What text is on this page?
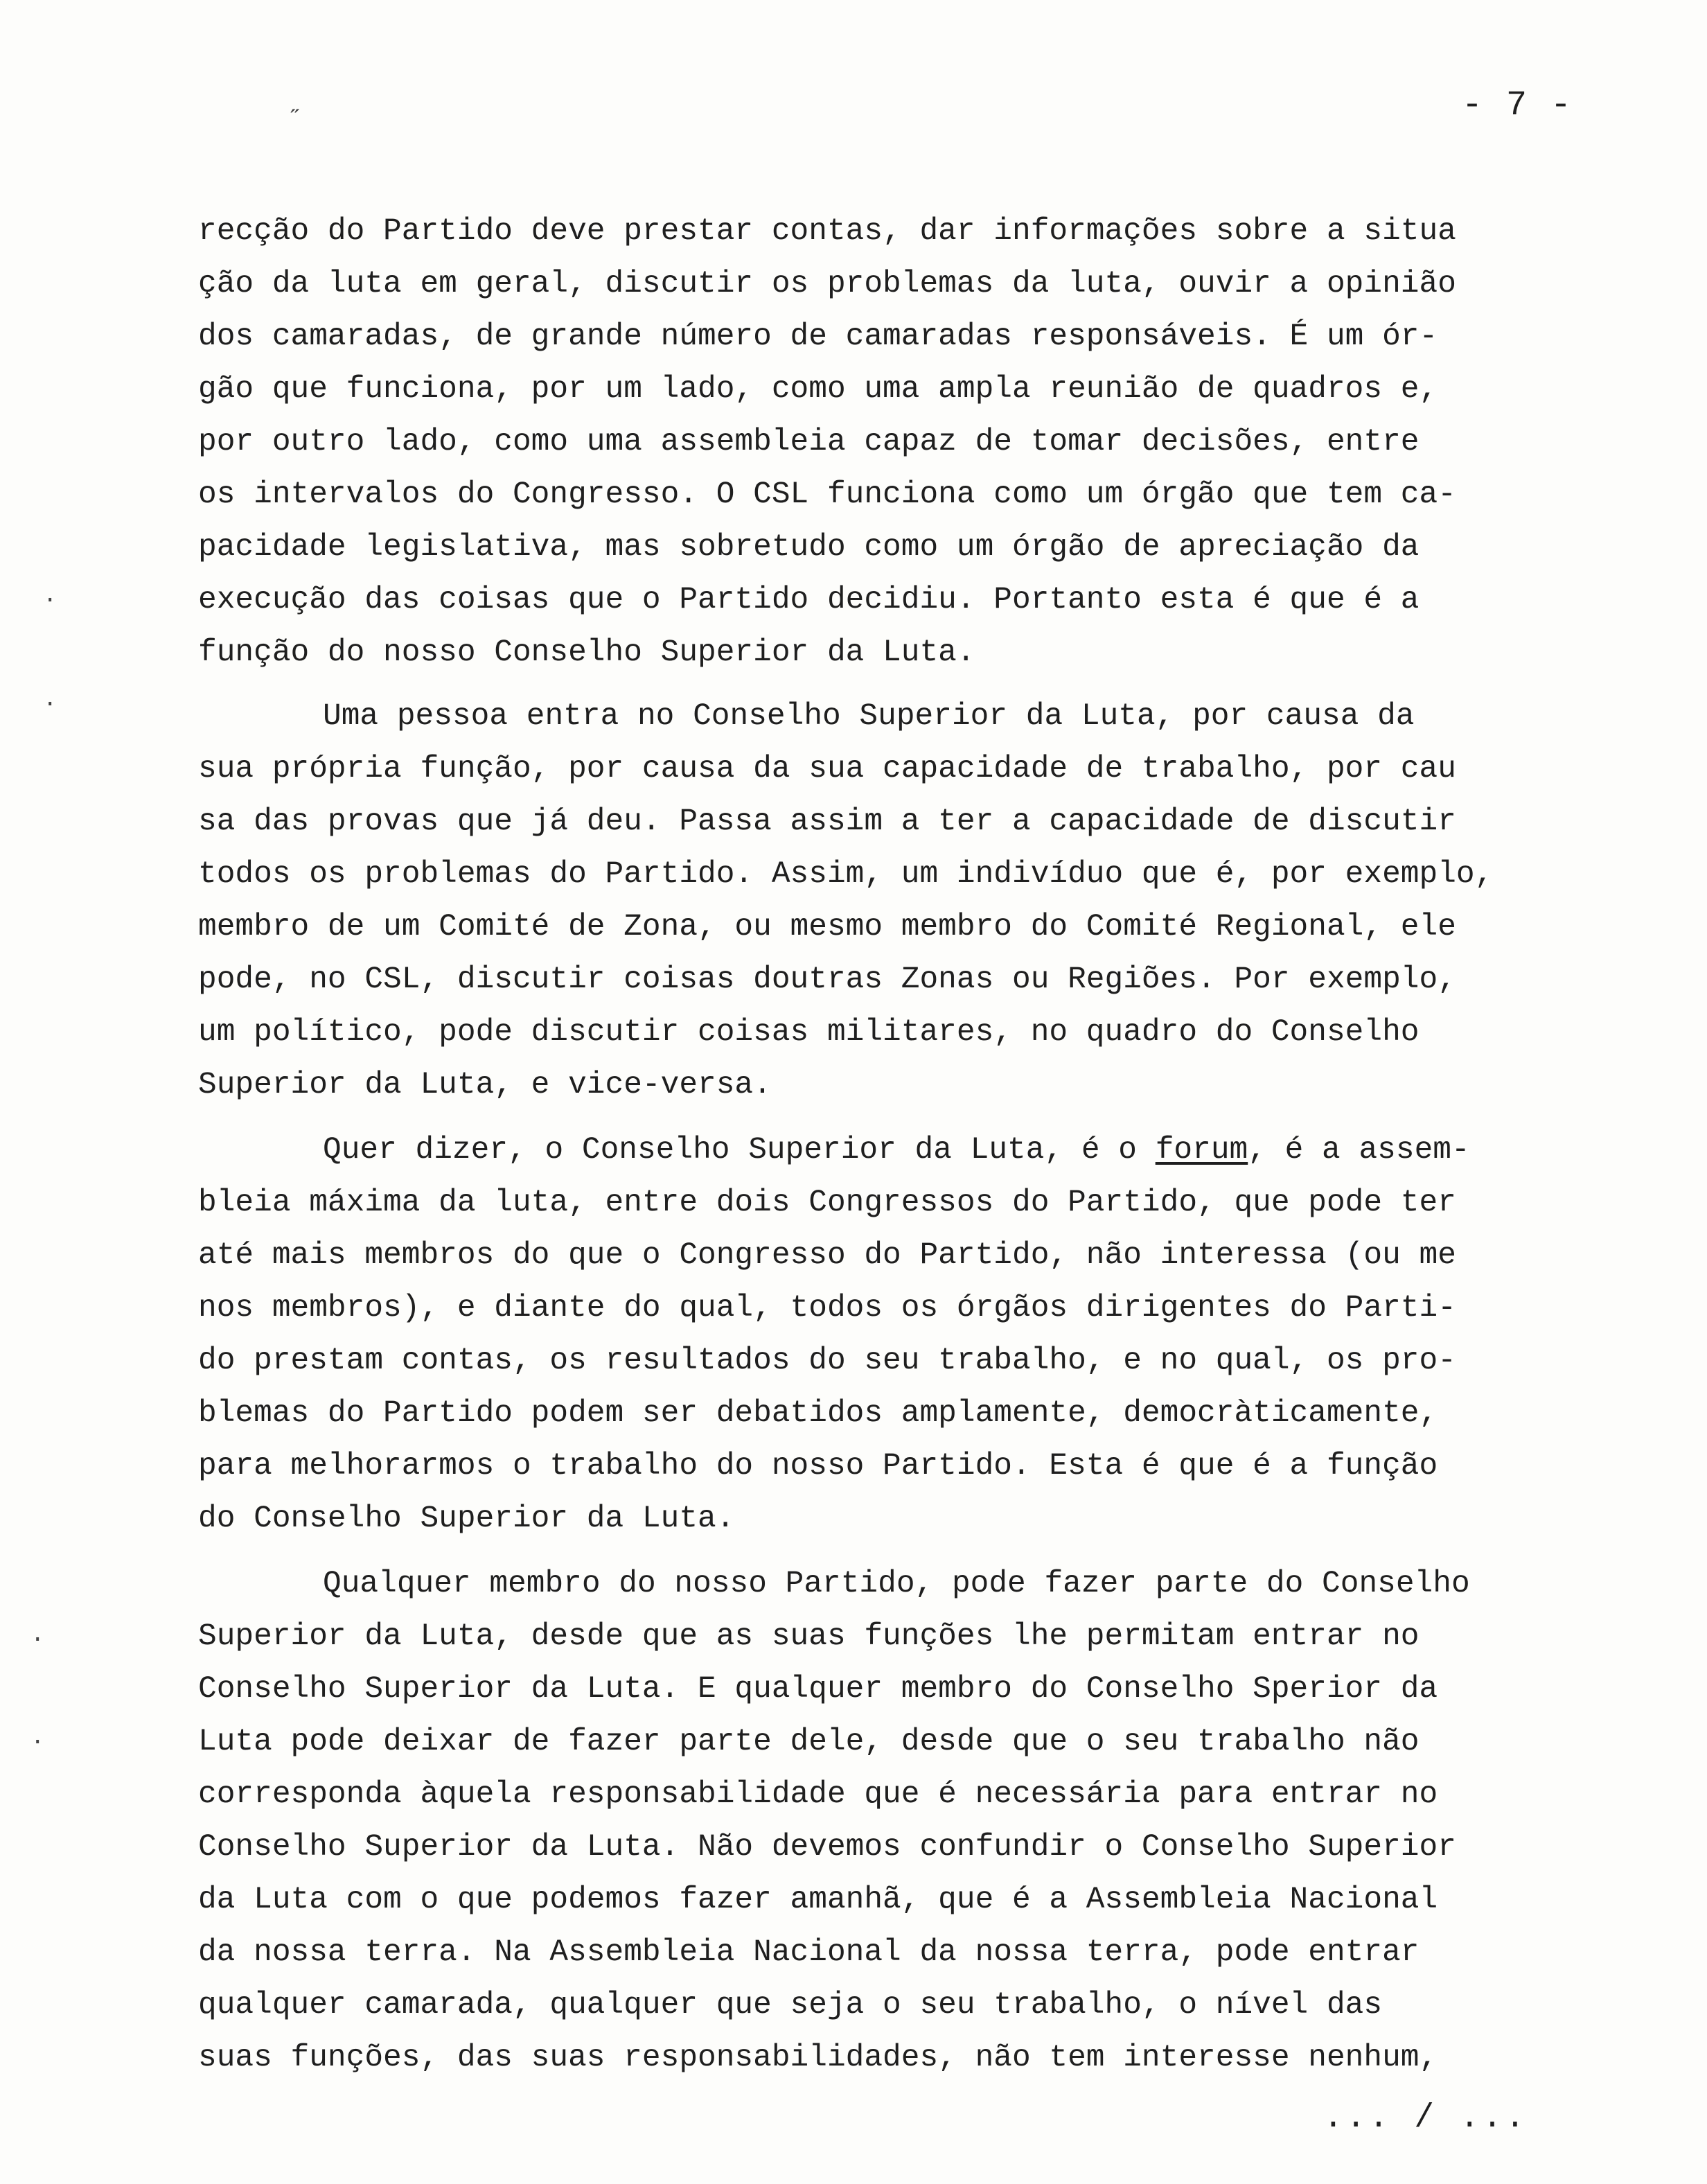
˶
·
·
·
·
- 7 -
recção do Partido deve prestar contas, dar informações sobre a situa
ção da luta em geral, discutir os problemas da luta, ouvir a opinião
dos camaradas, de grande número de camaradas responsáveis. É um ór-
gão que funciona, por um lado, como uma ampla reunião de quadros e,
por outro lado, como uma assembleia capaz de tomar decisões, entre
os intervalos do Congresso. O CSL funciona como um órgão que tem ca-
pacidade legislativa, mas sobretudo como um órgão de apreciação da
execução das coisas que o Partido decidiu. Portanto esta é que é a
função do nosso Conselho Superior da Luta.
Uma pessoa entra no Conselho Superior da Luta, por causa da
sua própria função, por causa da sua capacidade de trabalho, por cau
sa das provas que já deu. Passa assim a ter a capacidade de discutir
todos os problemas do Partido. Assim, um indivíduo que é, por exemplo,
membro de um Comité de Zona, ou mesmo membro do Comité Regional, ele
pode, no CSL, discutir coisas doutras Zonas ou Regiões. Por exemplo,
um político, pode discutir coisas militares, no quadro do Conselho
Superior da Luta, e vice-versa.
Quer dizer, o Conselho Superior da Luta, é o forum, é a assem-
bleia máxima da luta, entre dois Congressos do Partido, que pode ter
até mais membros do que o Congresso do Partido, não interessa (ou me
nos membros), e diante do qual, todos os órgãos dirigentes do Parti-
do prestam contas, os resultados do seu trabalho, e no qual, os pro-
blemas do Partido podem ser debatidos amplamente, democràticamente,
para melhorarmos o trabalho do nosso Partido. Esta é que é a função
do Conselho Superior da Luta.
Qualquer membro do nosso Partido, pode fazer parte do Conselho
Superior da Luta, desde que as suas funções lhe permitam entrar no
Conselho Superior da Luta. E qualquer membro do Conselho Sperior da
Luta pode deixar de fazer parte dele, desde que o seu trabalho não
corresponda àquela responsabilidade que é necessária para entrar no
Conselho Superior da Luta. Não devemos confundir o Conselho Superior
da Luta com o que podemos fazer amanhã, que é a Assembleia Nacional
da nossa terra. Na Assembleia Nacional da nossa terra, pode entrar
qualquer camarada, qualquer que seja o seu trabalho, o nível das
suas funções, das suas responsabilidades, não tem interesse nenhum,
... / ...
